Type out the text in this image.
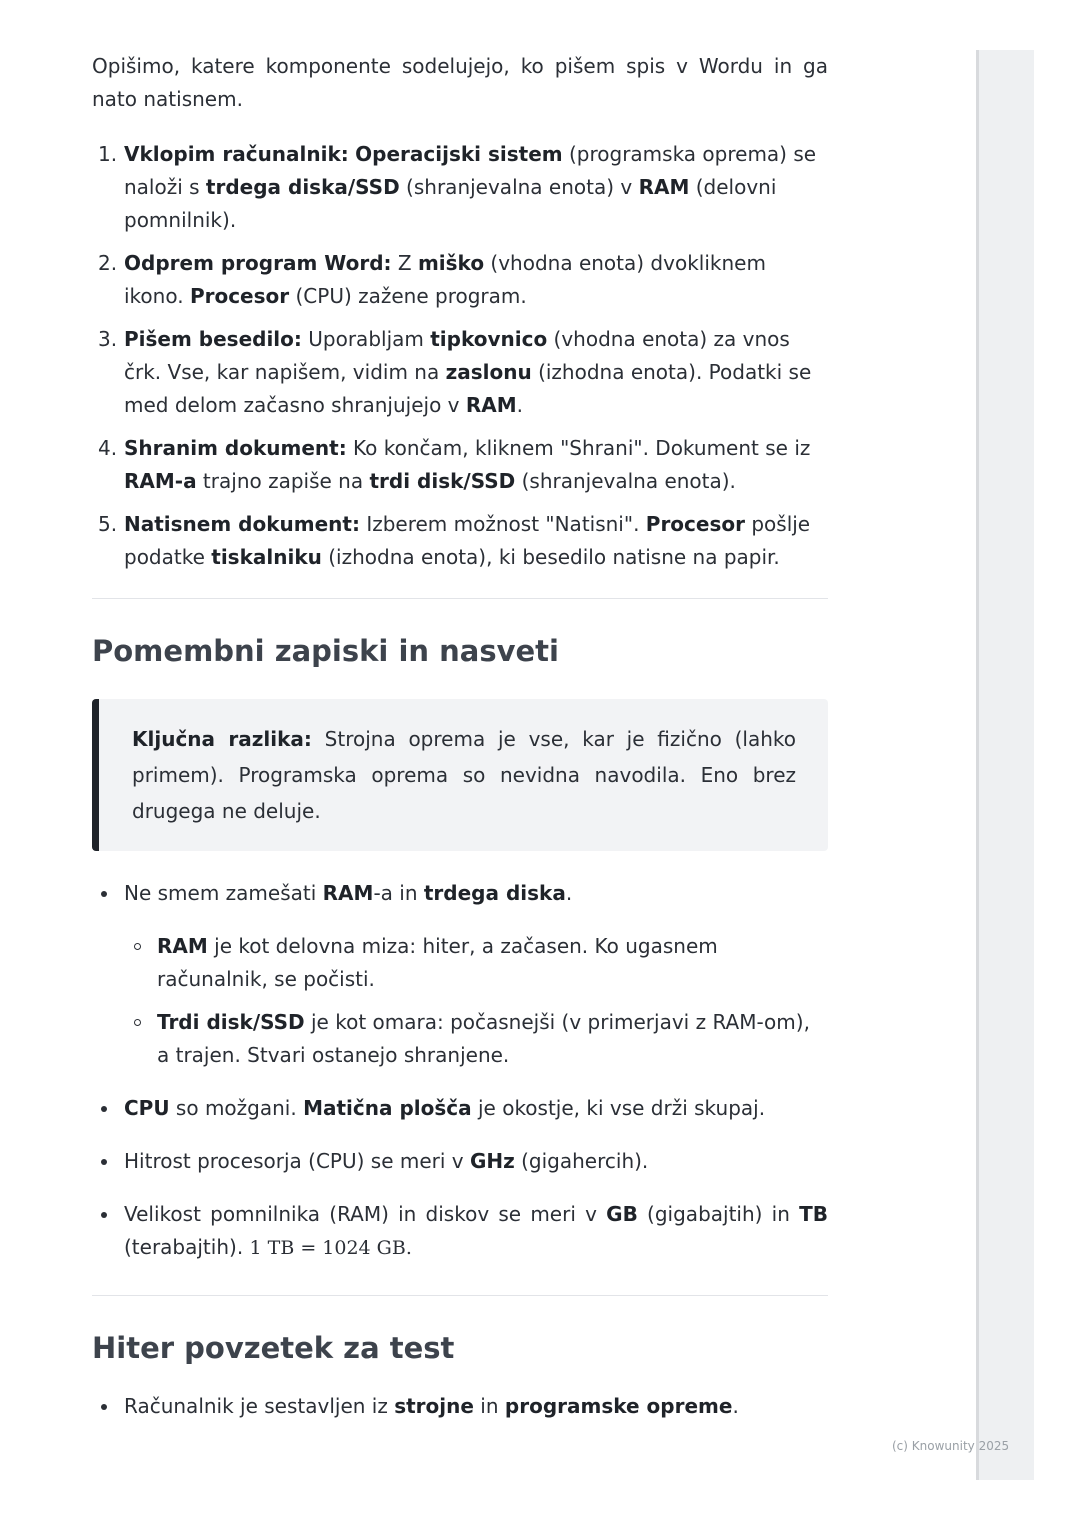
Opišimo, katere komponente sodelujejo, ko pišem spis v Wordu in ga nato natisnem.

1. Vklopim računalnik: Operacijski sistem (programska oprema) se naloži s trdega diska/SSD (shranjevalna enota) v RAM (delovni pomnilnik).
2. Odprem program Word: Z miško (vhodna enota) dvokliknem ikono. Procesor (CPU) zažene program.
3. Pišem besedilo: Uporabljam tipkovnico (vhodna enota) za vnos črk. Vse, kar napišem, vidim na zaslonu (izhodna enota). Podatki se med delom začasno shranjujejo v RAM.
4. Shranim dokument: Ko končam, kliknem "Shrani". Dokument se iz RAM-a trajno zapiše na trdi disk/SSD (shranjevalna enota).
5. Natisnem dokument: Izberem možnost "Natisni". Procesor pošlje podatke tiskalniku (izhodna enota), ki besedilo natisne na papir.
Pomembni zapiski in nasveti
Ključna razlika: Strojna oprema je vse, kar je fizično (lahko primem). Programska oprema so nevidna navodila. Eno brez drugega ne deluje.
Ne smem zamešati RAM-a in trdega diska.
RAM je kot delovna miza: hiter, a začasen. Ko ugasnem računalnik, se počisti.
Trdi disk/SSD je kot omara: počasnejši (v primerjavi z RAM-om), a trajen. Stvari ostanejo shranjene.
CPU so možgani. Matična plošča je okostje, ki vse drži skupaj.
Hitrost procesorja (CPU) se meri v GHz (gigahercih).
Velikost pomnilnika (RAM) in diskov se meri v GB (gigabajtih) in TB (terabajtih). 1 TB = 1024 GB.
Hiter povzetek za test
Računalnik je sestavljen iz strojne in programske opreme.
(c) Knowunity 2025
